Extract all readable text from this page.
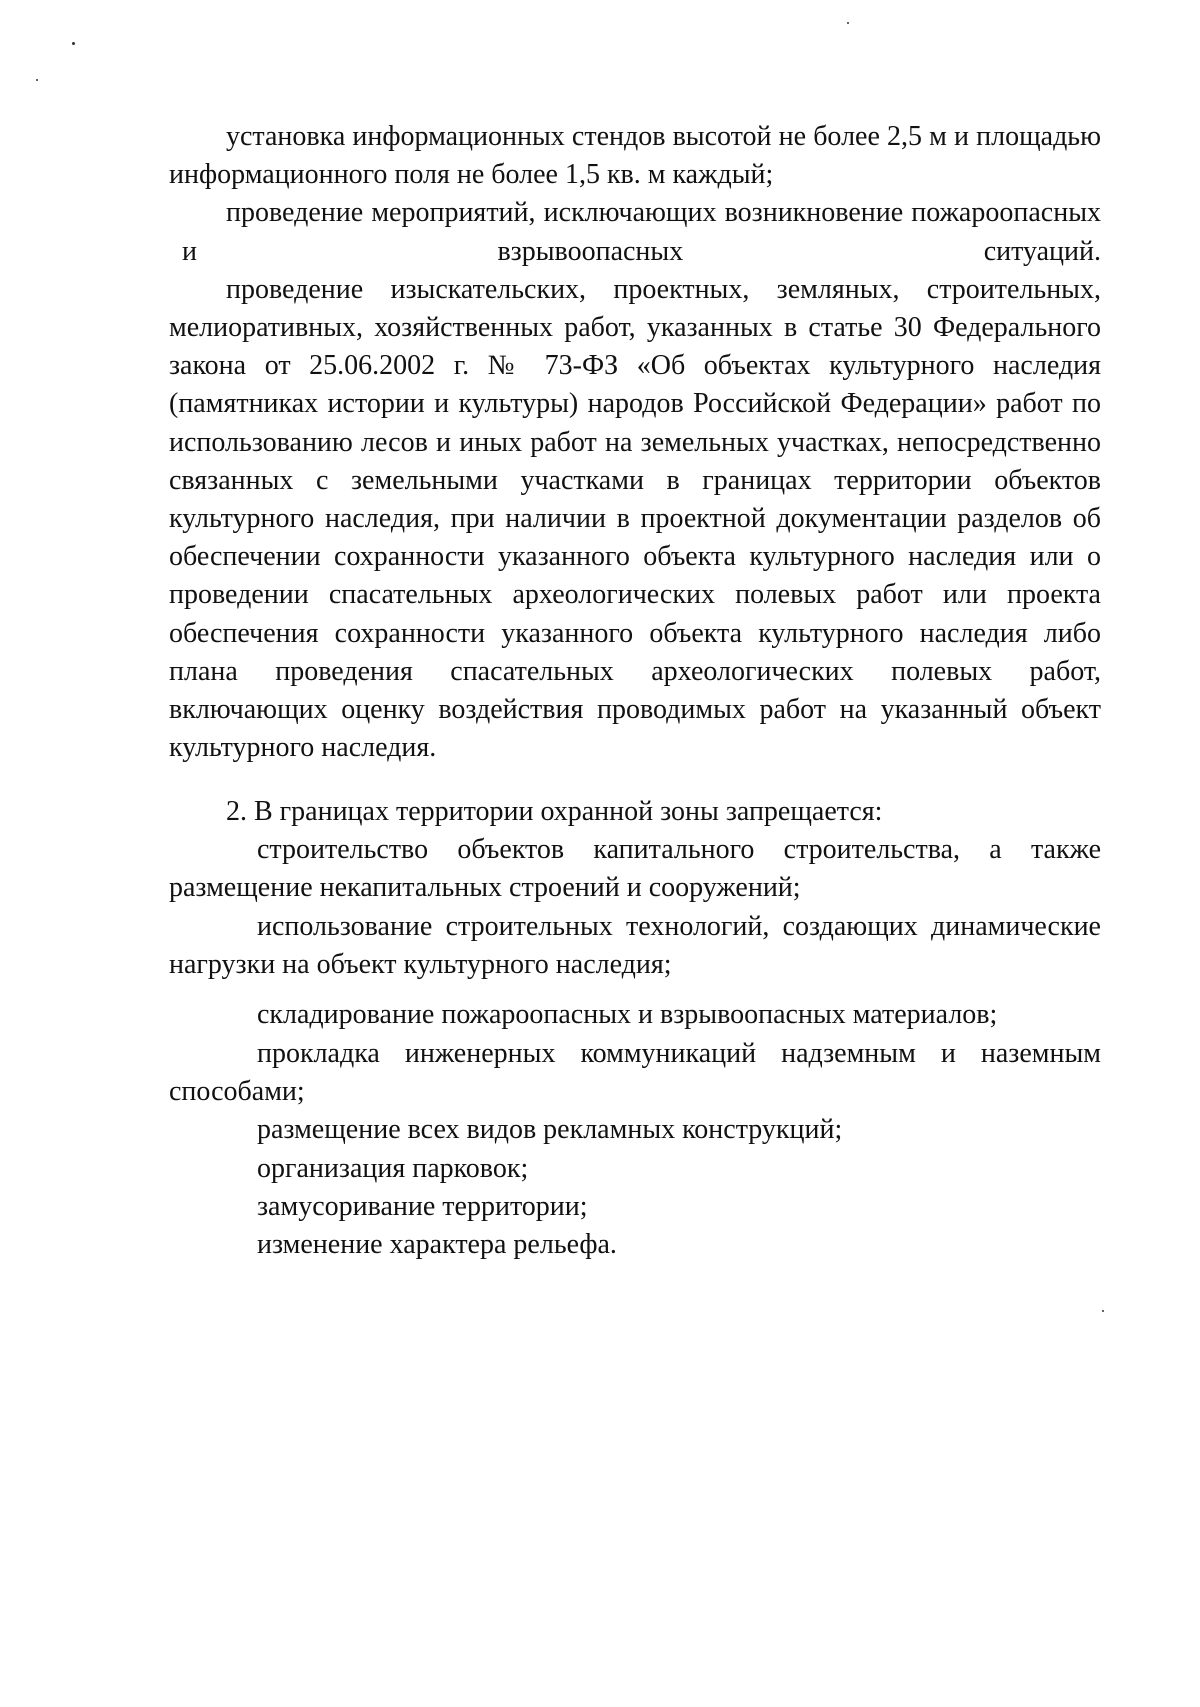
установка информационных стендов высотой не более 2,5 м и площадью информационного поля не более 1,5 кв. м каждый;

проведение мероприятий, исключающих возникновение пожароопасных и взрывоопасных ситуаций.

проведение изыскательских, проектных, земляных, строительных, мелиоративных, хозяйственных работ, указанных в статье 30 Федерального закона от 25.06.2002 г. № 73-ФЗ «Об объектах культурного наследия (памятниках истории и культуры) народов Российской Федерации» работ по использованию лесов и иных работ на земельных участках, непосредственно связанных с земельными участками в границах территории объектов культурного наследия, при наличии в проектной документации разделов об обеспечении сохранности указанного объекта культурного наследия или о проведении спасательных археологических полевых работ или проекта обеспечения сохранности указанного объекта культурного наследия либо плана проведения спасательных археологических полевых работ, включающих оценку воздействия проводимых работ на указанный объект культурного наследия.

2. В границах территории охранной зоны запрещается:

строительство объектов капитального строительства, а также размещение некапитальных строений и сооружений;

использование строительных технологий, создающих динамические нагрузки на объект культурного наследия;

складирование пожароопасных и взрывоопасных материалов;

прокладка инженерных коммуникаций надземным и наземным способами;

размещение всех видов рекламных конструкций;

организация парковок;

замусоривание территории;

изменение характера рельефа.
